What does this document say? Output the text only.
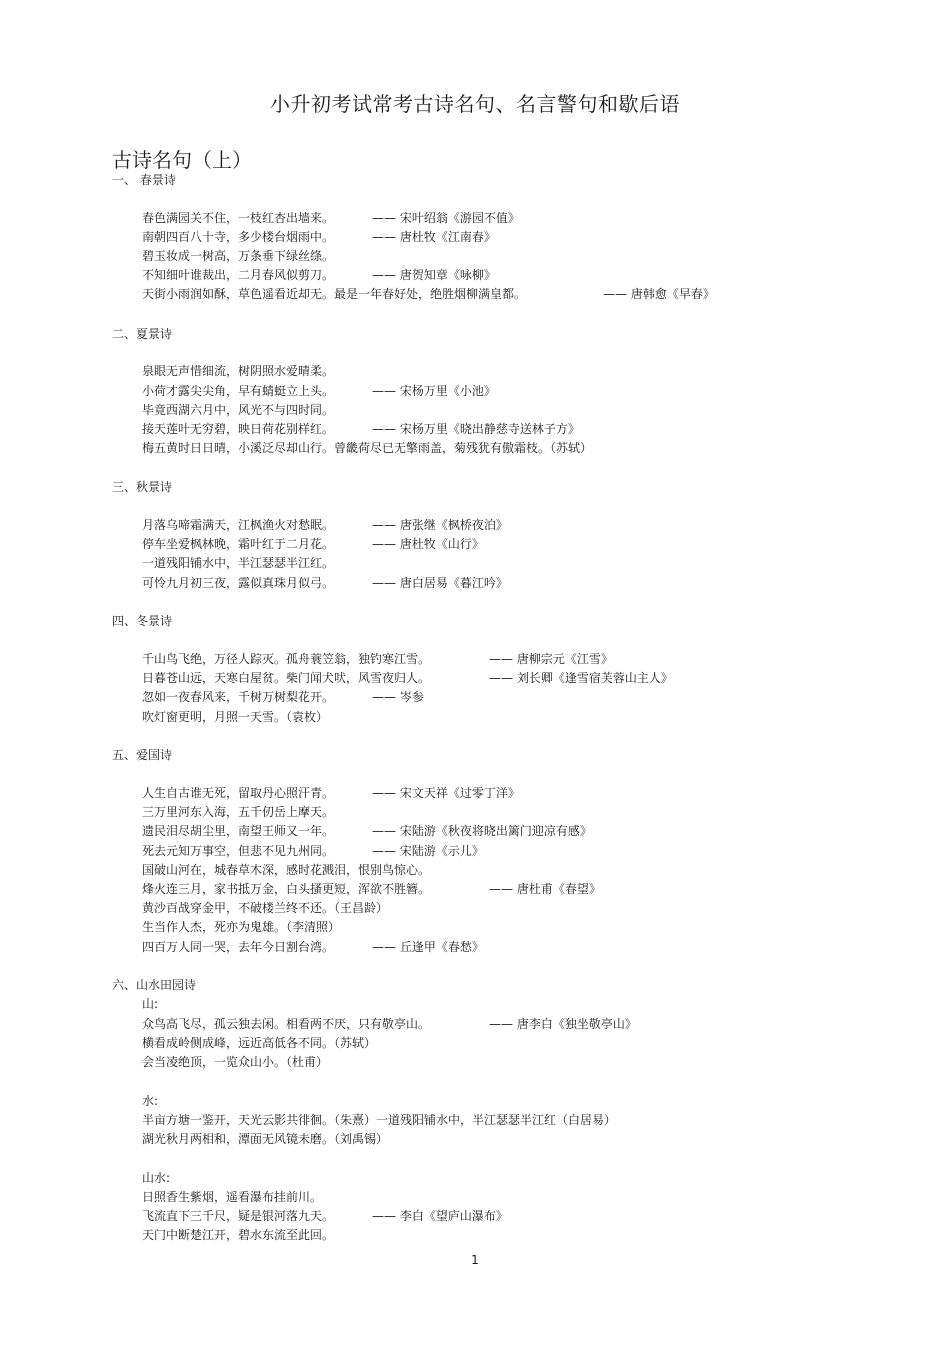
小升初考试常考古诗名句、名言警句和歇后语
古诗名句（上）
一、 春景诗
春色满园关不住，一枝红杏出墙来。	—— 宋叶绍翁《游园不值》
南朝四百八十寺，多少楼台烟雨中。	—— 唐杜牧《江南春》
碧玉妆成一树高，万条垂下绿丝绦。
不知细叶谁裁出，二月春风似剪刀。	—— 唐贺知章《咏柳》
天街小雨润如酥，草色遥看近却无。最是一年春好处，绝胜烟柳满皇都。	—— 唐韩愈《早春》
二、夏景诗
泉眼无声惜细流，树阴照水爱晴柔。
小荷才露尖尖角，早有蜻蜓立上头。	—— 宋杨万里《小池》
毕竟西湖六月中，风光不与四时同。
接天莲叶无穷碧，映日荷花别样红。	—— 宋杨万里《晓出静慈寺送林子方》
梅五黄时日日晴，小溪泛尽却山行。曾畿荷尽已无擎雨盖，菊残犹有傲霜枝。（苏轼）
三、秋景诗
月落乌啼霜满天，江枫渔火对愁眠。	—— 唐张继《枫桥夜泊》
停车坐爱枫林晚，霜叶红于二月花。	—— 唐杜牧《山行》
一道残阳铺水中，半江瑟瑟半江红。
可怜九月初三夜，露似真珠月似弓。	—— 唐白居易《暮江吟》
四、冬景诗
千山鸟飞绝，万径人踪灭。孤舟蓑笠翁，独钓寒江雪。	—— 唐柳宗元《江雪》
日暮苍山远，天寒白屋贫。柴门闻犬吠，风雪夜归人。	—— 刘长卿《逢雪宿芙蓉山主人》
忽如一夜春风来，千树万树梨花开。	—— 岑参
吹灯窗更明，月照一天雪。（袁枚）
五、爱国诗
人生自古谁无死，留取丹心照汗青。	—— 宋文天祥《过零丁洋》
三万里河东入海，五千仞岳上摩天。
遗民泪尽胡尘里，南望王师又一年。	—— 宋陆游《秋夜将晓出篱门迎凉有感》
死去元知万事空，但悲不见九州同。	—— 宋陆游《示儿》
国破山河在，城春草木深，感时花溅泪，恨别鸟惊心。
烽火连三月，家书抵万金，白头搔更短，浑欲不胜簪。	—— 唐杜甫《春望》
黄沙百战穿金甲，不破楼兰终不还。（王昌龄）
生当作人杰，死亦为鬼雄。（李清照）
四百万人同一哭，去年今日割台湾。	—— 丘逢甲《春愁》
六、山水田园诗
山:
众鸟高飞尽，孤云独去闲。相看两不厌，只有敬亭山。	—— 唐李白《独坐敬亭山》
横看成岭侧成峰，远近高低各不同。（苏轼）
会当凌绝顶，一览众山小。（杜甫）
水:
半亩方塘一鉴开，天光云影共徘徊。（朱熹）一道残阳铺水中，半江瑟瑟半江红（白居易）
湖光秋月两相和，潭面无风镜未磨。（刘禹锡）
山水:
日照香生紫烟，遥看瀑布挂前川。
飞流直下三千尺，疑是银河落九天。	—— 李白《望庐山瀑布》
天门中断楚江开，碧水东流至此回。
1
